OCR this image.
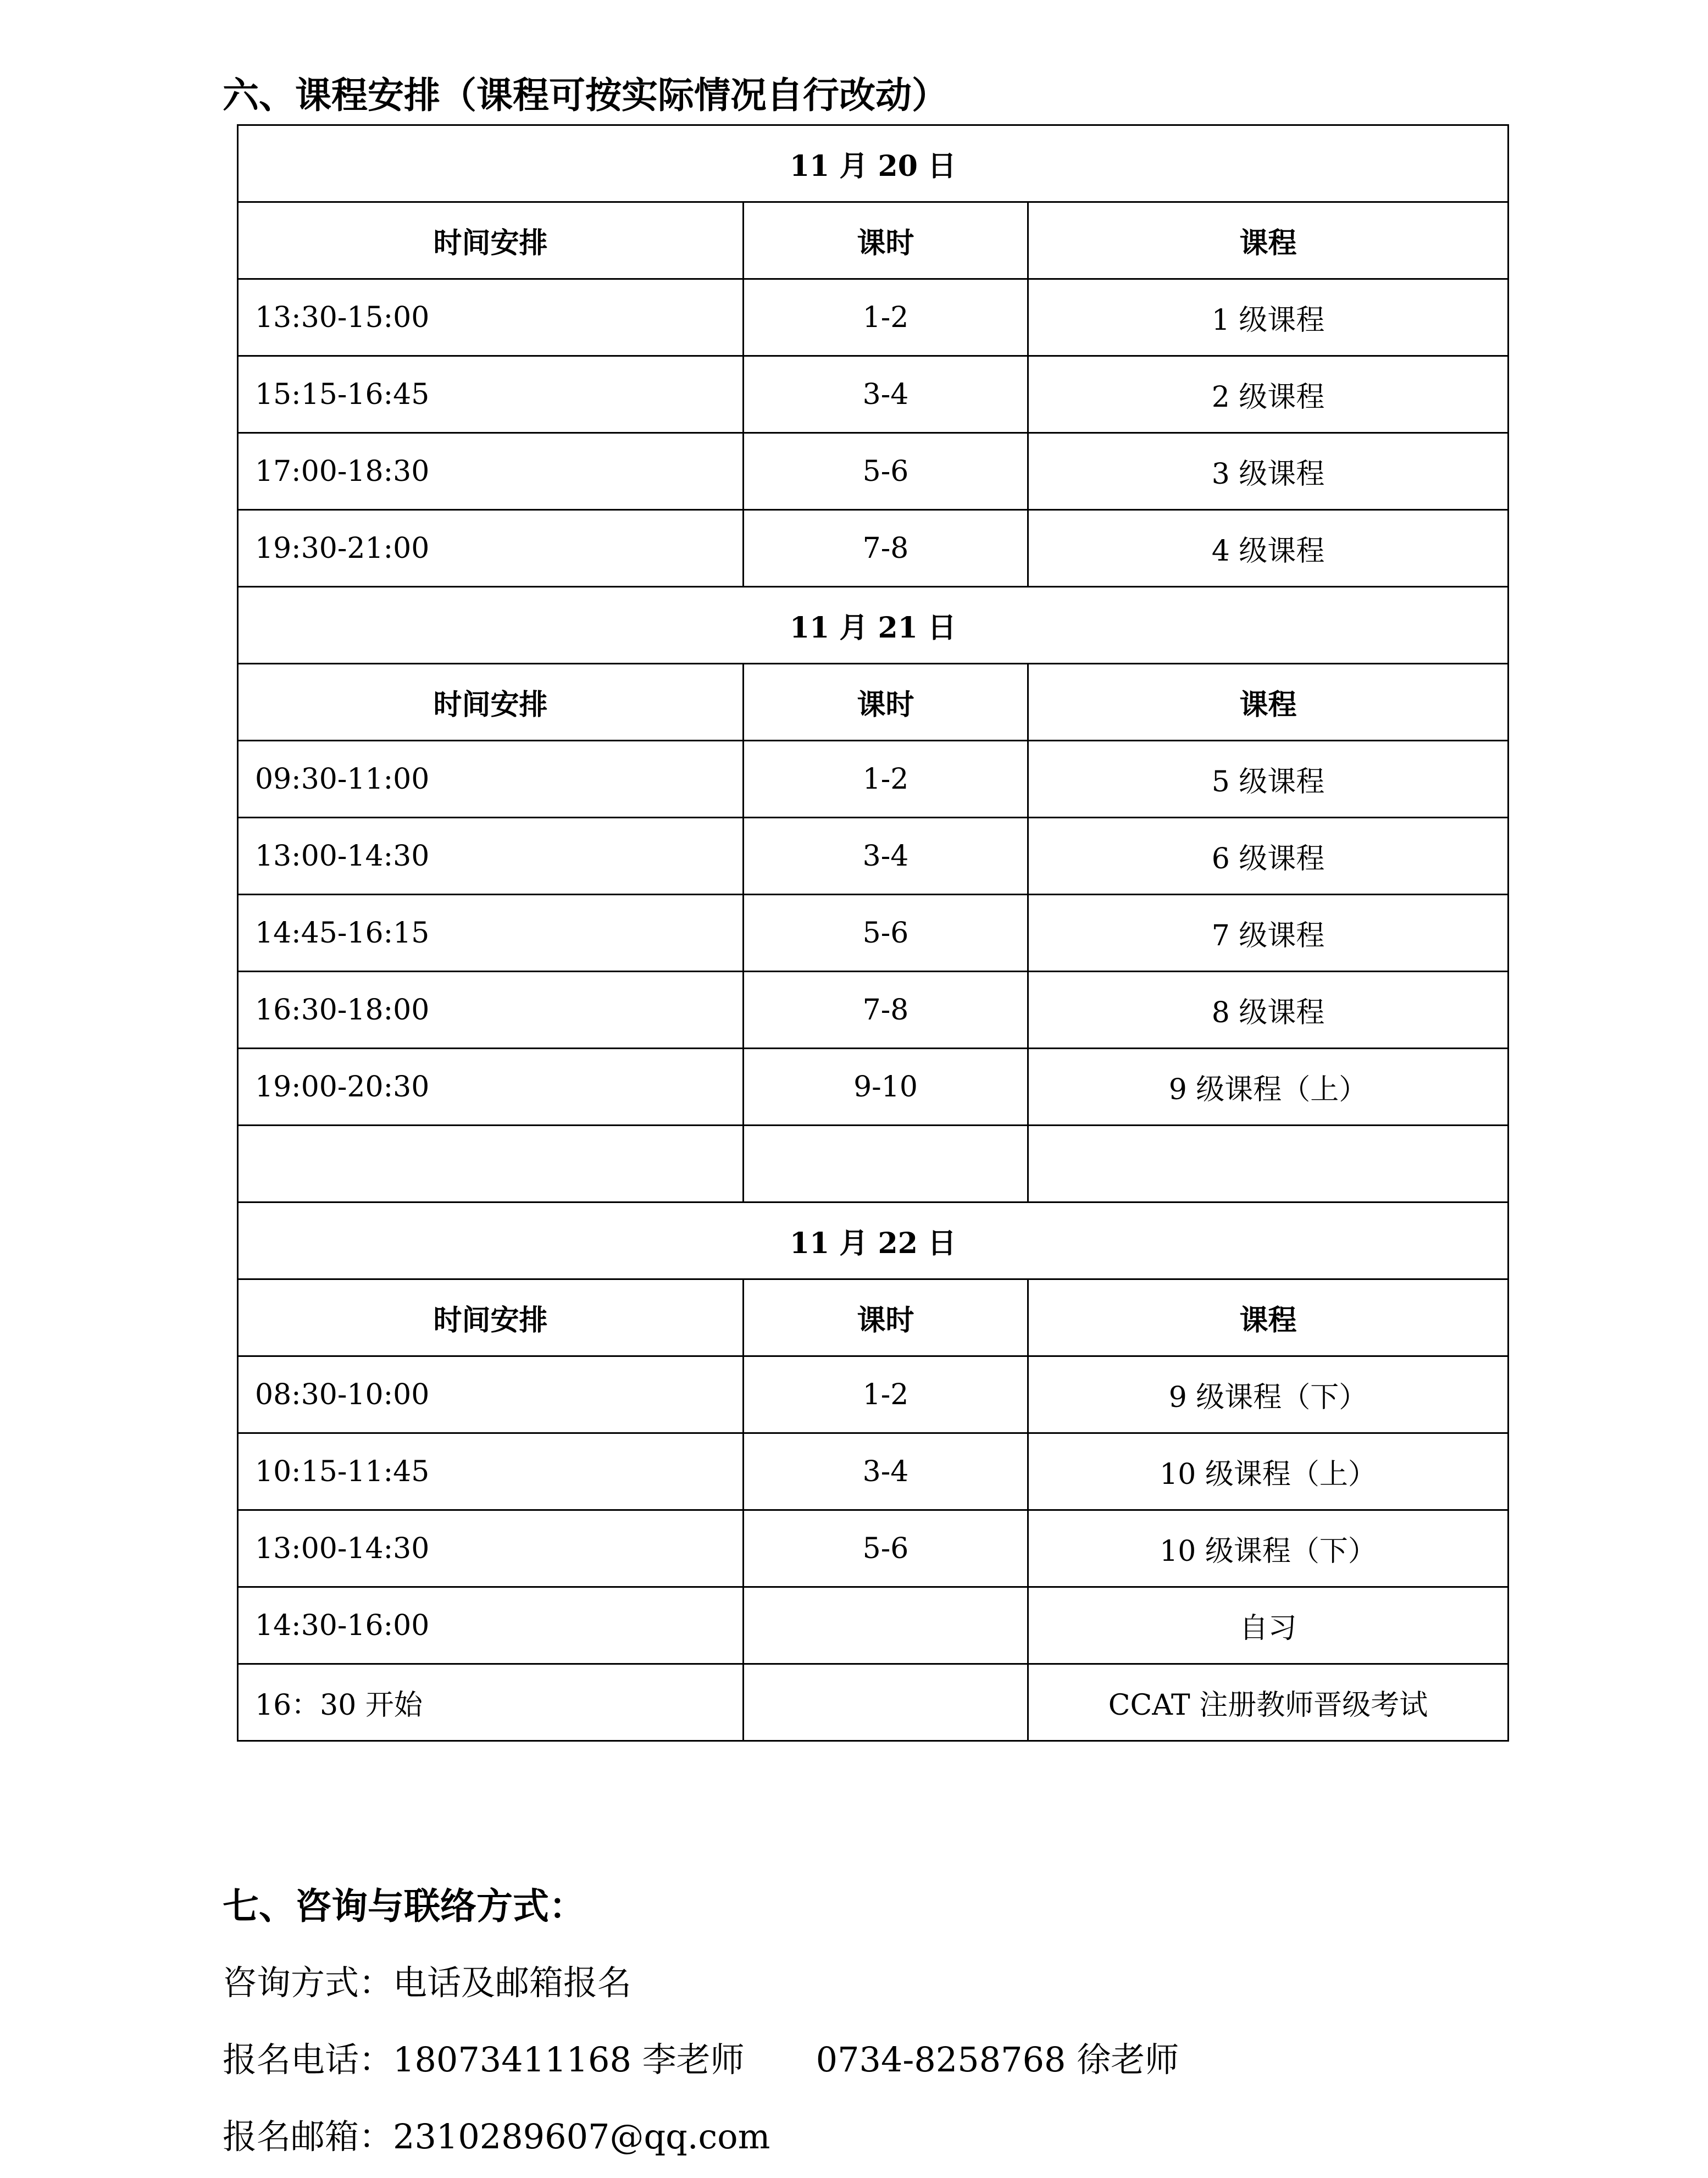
六、课程安排（课程可按实际情况自行改动）
11 月 20 日		
时间安排	课时	课程
13:30-15:00	1-2	1 级课程
15:15-16:45	3-4	2 级课程
17:00-18:30	5-6	3 级课程
19:30-21:00	7-8	4 级课程
11 月 21 日		
时间安排	课时	课程
09:30-11:00	1-2	5 级课程
13:00-14:30	3-4	6 级课程
14:45-16:15	5-6	7 级课程
16:30-18:00	7-8	8 级课程
19:00-20:30	9-10	9 级课程（上）

11 月 22 日		
时间安排	课时	课程
08:30-10:00	1-2	9 级课程（下）
10:15-11:45	3-4	10 级课程（上）
13:00-14:30	5-6	10 级课程（下）
14:30-16:00		自习
16：30 开始		CCAT 注册教师晋级考试
七、咨询与联络方式：
咨询方式：电话及邮箱报名
报名电话：18073411168 李老师 0734-8258768 徐老师
报名邮箱：2310289607@qq.com
